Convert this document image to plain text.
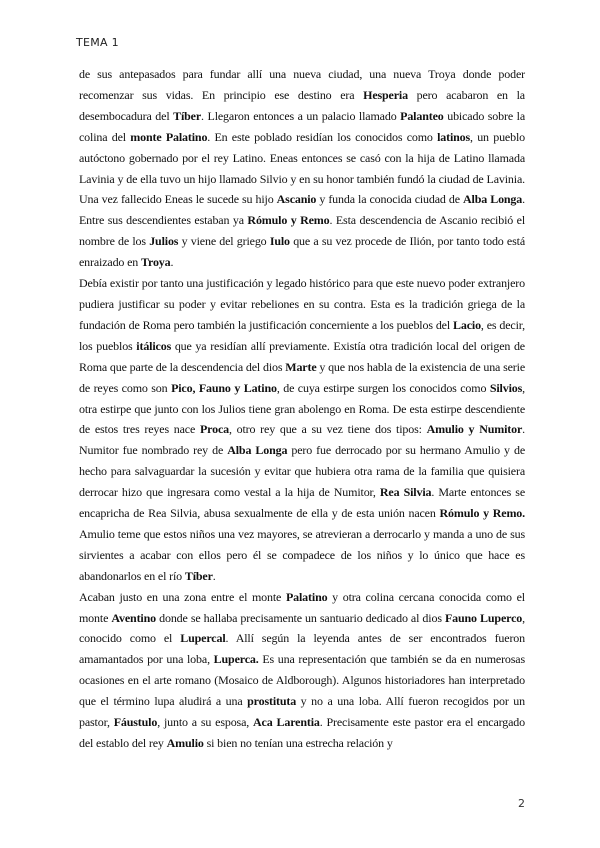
TEMA 1

de sus antepasados para fundar allí una nueva ciudad, una nueva Troya donde poder recomenzar sus vidas. En principio ese destino era Hesperia pero acabaron en la desembocadura del Tíber. Llegaron entonces a un palacio llamado Palanteo ubicado sobre la colina del monte Palatino. En este poblado residían los conocidos como latinos, un pueblo autóctono gobernado por el rey Latino. Eneas entonces se casó con la hija de Latino llamada Lavinia y de ella tuvo un hijo llamado Silvio y en su honor también fundó la ciudad de Lavinia. Una vez fallecido Eneas le sucede su hijo Ascanio y funda la conocida ciudad de Alba Longa. Entre sus descendientes estaban ya Rómulo y Remo. Esta descendencia de Ascanio recibió el nombre de los Julios y viene del griego Iulo que a su vez procede de Ilión, por tanto todo está enraizado en Troya.

Debía existir por tanto una justificación y legado histórico para que este nuevo poder extranjero pudiera justificar su poder y evitar rebeliones en su contra. Esta es la tradición griega de la fundación de Roma pero también la justificación concerniente a los pueblos del Lacio, es decir, los pueblos itálicos que ya residían allí previamente. Existía otra tradición local del origen de Roma que parte de la descendencia del dios Marte y que nos habla de la existencia de una serie de reyes como son Pico, Fauno y Latino, de cuya estirpe surgen los conocidos como Silvios, otra estirpe que junto con los Julios tiene gran abolengo en Roma. De esta estirpe descendiente de estos tres reyes nace Proca, otro rey que a su vez tiene dos tipos: Amulio y Numitor. Numitor fue nombrado rey de Alba Longa pero fue derrocado por su hermano Amulio y de hecho para salvaguardar la sucesión y evitar que hubiera otra rama de la familia que quisiera derrocar hizo que ingresara como vestal a la hija de Numitor, Rea Silvia. Marte entonces se encapricha de Rea Silvia, abusa sexualmente de ella y de esta unión nacen Rómulo y Remo. Amulio teme que estos niños una vez mayores, se atrevieran a derrocarlo y manda a uno de sus sirvientes a acabar con ellos pero él se compadece de los niños y lo único que hace es abandonarlos en el río Tíber.

Acaban justo en una zona entre el monte Palatino y otra colina cercana conocida como el monte Aventino donde se hallaba precisamente un santuario dedicado al dios Fauno Luperco, conocido como el Lupercal. Allí según la leyenda antes de ser encontrados fueron amamantados por una loba, Luperca. Es una representación que también se da en numerosas ocasiones en el arte romano (Mosaico de Aldborough). Algunos historiadores han interpretado que el término lupa aludirá a una prostituta y no a una loba. Allí fueron recogidos por un pastor, Fáustulo, junto a su esposa, Aca Larentia. Precisamente este pastor era el encargado del establo del rey Amulio si bien no tenían una estrecha relación y

2
